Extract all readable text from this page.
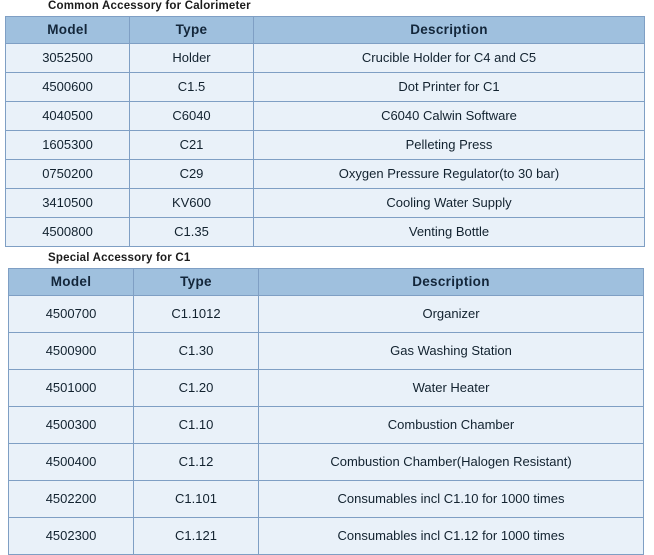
Common Accessory for Calorimeter
Model	Type	Description
3052500	Holder	Crucible Holder for C4 and C5
4500600	C1.5	Dot Printer for C1
4040500	C6040	C6040 Calwin Software
1605300	C21	Pelleting Press
0750200	C29	Oxygen Pressure Regulator(to 30 bar)
3410500	KV600	Cooling Water Supply
4500800	C1.35	Venting Bottle
Special Accessory for C1
Model	Type	Description
4500700	C1.1012	Organizer
4500900	C1.30	Gas Washing Station
4501000	C1.20	Water Heater
4500300	C1.10	Combustion Chamber
4500400	C1.12	Combustion Chamber(Halogen Resistant)
4502200	C1.101	Consumables incl C1.10 for 1000 times
4502300	C1.121	Consumables incl C1.12 for 1000 times
